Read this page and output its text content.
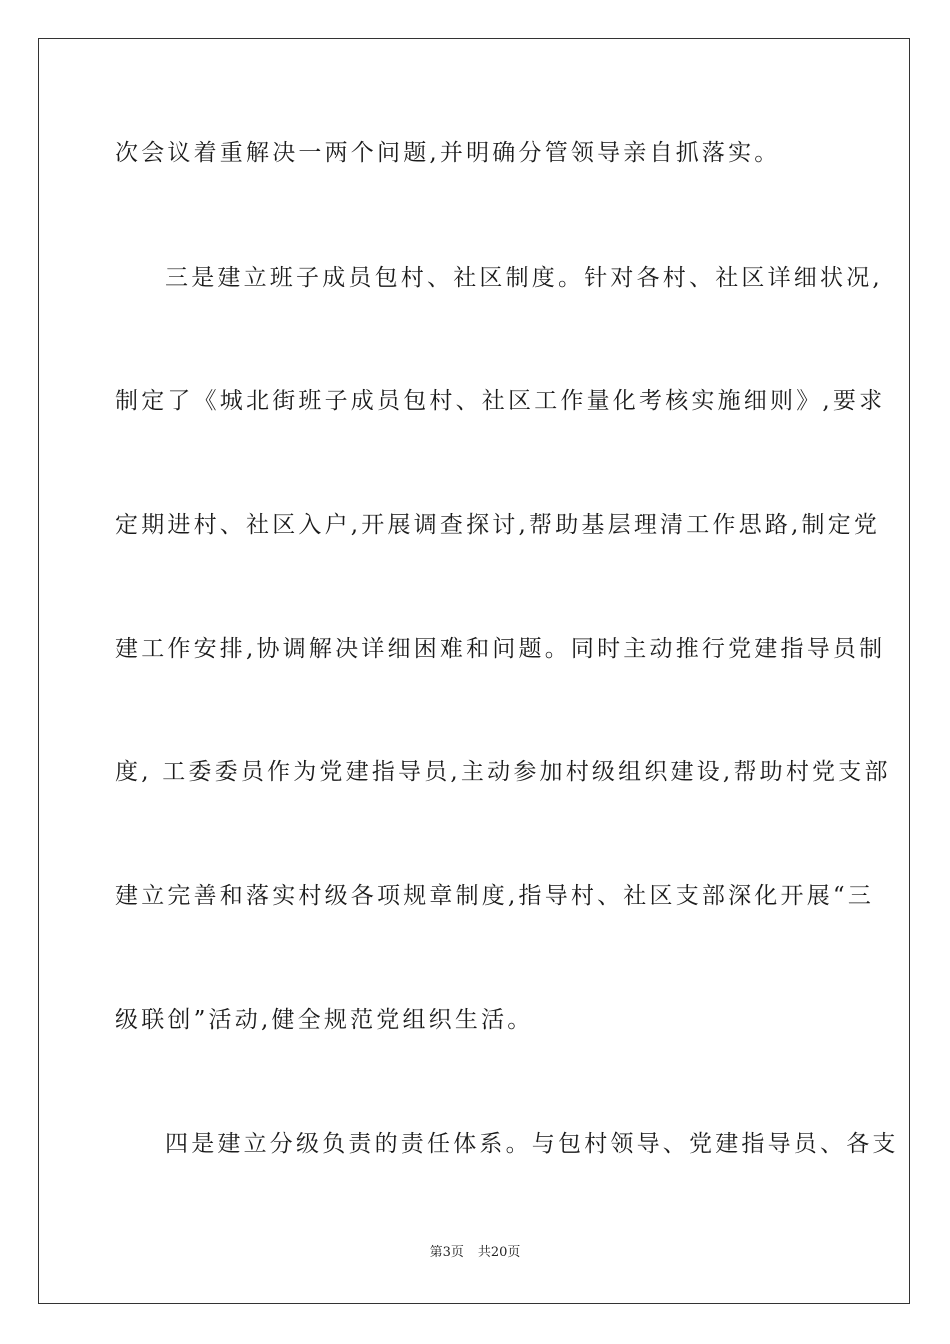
次会议着重解决一两个问题,并明确分管领导亲自抓落实。
三是建立班子成员包村、社区制度。针对各村、社区详细状况,
制定了《城北街班子成员包村、社区工作量化考核实施细则》,要求
定期进村、社区入户,开展调查探讨,帮助基层理清工作思路,制定党
建工作安排,协调解决详细困难和问题。同时主动推行党建指导员制
度, 工委委员作为党建指导员,主动参加村级组织建设,帮助村党支部
建立完善和落实村级各项规章制度,指导村、社区支部深化开展“三
级联创”活动,健全规范党组织生活。
四是建立分级负责的责任体系。与包村领导、党建指导员、各支
第3页 共20页
